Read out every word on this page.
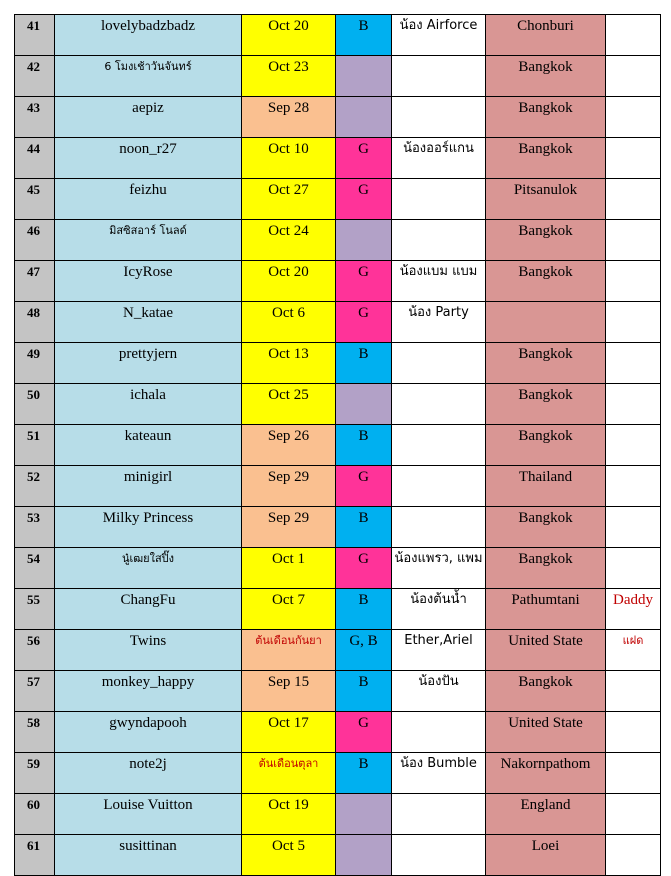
41	lovelybadzbadz	Oct 20	B	น้อง Airforce	Chonburi	
42	6 โมงเช้าวันจันทร์	Oct 23			Bangkok	
43	aepiz	Sep 28			Bangkok	
44	noon_r27	Oct 10	G	น้องออร์แกน	Bangkok	
45	feizhu	Oct 27	G		Pitsanulok	
46	มิสซิสอาร์ โนลด์	Oct 24			Bangkok	
47	IcyRose	Oct 20	G	น้องแบม แบม	Bangkok	
48	N_katae	Oct 6	G	น้อง Party		
49	prettyjern	Oct 13	B		Bangkok	
50	ichala	Oct 25			Bangkok	
51	kateaun	Sep 26	B		Bangkok	
52	minigirl	Sep 29	G		Thailand	
53	Milky Princess	Sep 29	B		Bangkok	
54	นู๋เฒยใสปิ๊ง	Oct 1	G	น้องแพรว, แพม	Bangkok	
55	ChangFu	Oct 7	B	น้องต้นน้ำ	Pathumtani	Daddy
56	Twins	ต้นเดือนกันยา	G, B	Ether,Ariel	United State	แฝด
57	monkey_happy	Sep 15	B	น้องปัน	Bangkok	
58	gwyndapooh	Oct 17	G		United State	
59	note2j	ต้นเดือนตุลา	B	น้อง Bumble	Nakornpathom	
60	Louise Vuitton	Oct 19			England	
61	susittinan	Oct 5			Loei	
